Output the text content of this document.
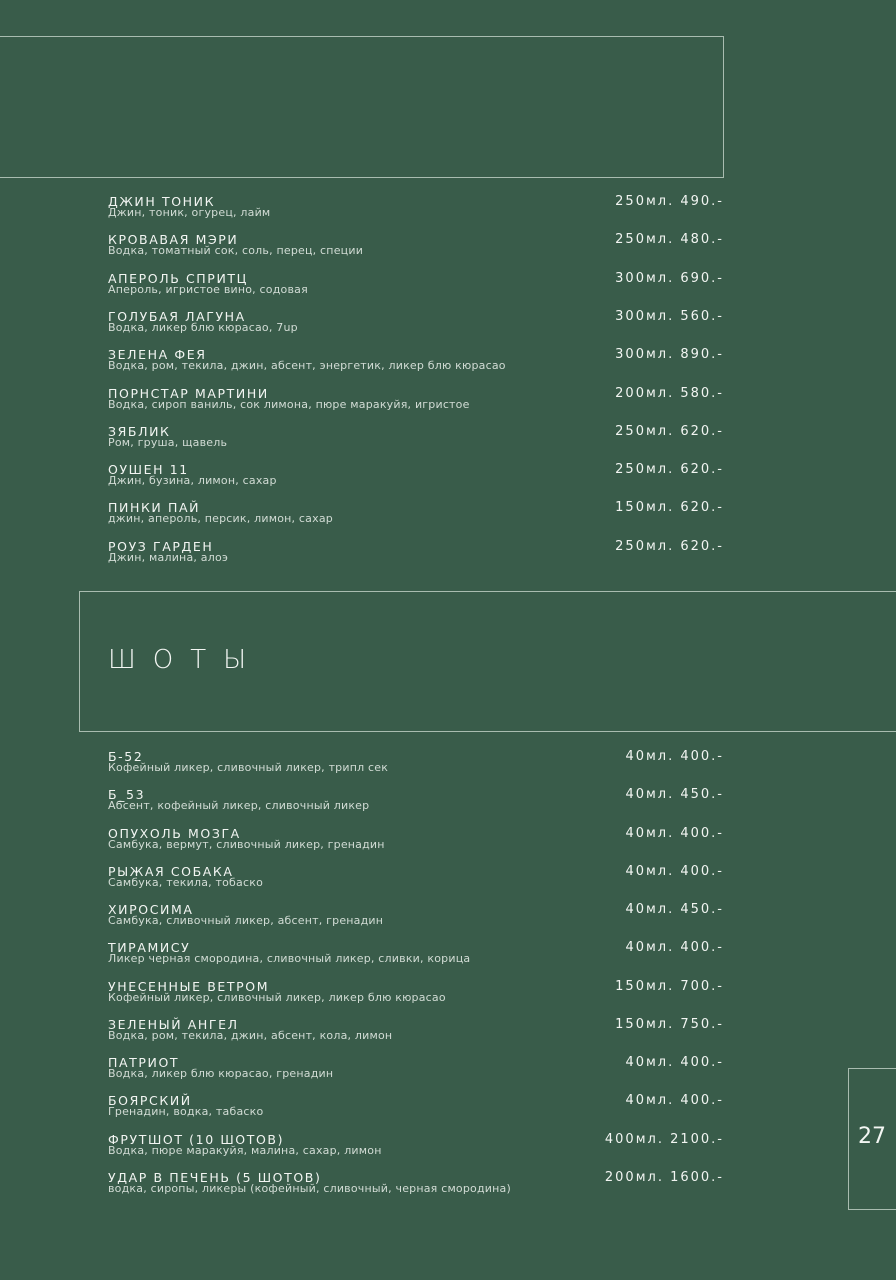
ДЖИН ТОНИК
Джин, тоник, огурец, лайм
250мл. 490.-
КРОВАВАЯ МЭРИ
Водка, томатный сок, соль, перец, специи
250мл. 480.-
АПЕРОЛЬ СПРИТЦ
Апероль, игристое вино, содовая
300мл. 690.-
ГОЛУБАЯ ЛАГУНА
Водка, ликер блю кюрасао, 7up
300мл. 560.-
ЗЕЛЕНА ФЕЯ
Водка, ром, текила, джин, абсент, энергетик, ликер блю кюрасао
300мл. 890.-
ПОРНСТАР МАРТИНИ
Водка, сироп ваниль, сок лимона, пюре маракуйя, игристое
200мл. 580.-
ЗЯБЛИК
Ром, груша, щавель
250мл. 620.-
ОУШЕН 11
Джин, бузина, лимон, сахар
250мл. 620.-
ПИНКИ ПАЙ
джин, апероль, персик, лимон, сахар
150мл. 620.-
РОУЗ ГАРДЕН
Джин, малина, алоэ
250мл. 620.-
ШОТЫ
Б-52
Кофейный ликер, сливочный ликер, трипл сек
40мл. 400.-
Б_53
Абсент, кофейный ликер, сливочный ликер
40мл. 450.-
ОПУХОЛЬ МОЗГА
Самбука, вермут, сливочный ликер, гренадин
40мл. 400.-
РЫЖАЯ СОБАКА
Самбука, текила, тобаско
40мл. 400.-
ХИРОСИМА
Самбука, сливочный ликер, абсент, гренадин
40мл. 450.-
ТИРАМИСУ
Ликер черная смородина, сливочный ликер, сливки, корица
40мл. 400.-
УНЕСЕННЫЕ ВЕТРОМ
Кофейный ликер, сливочный ликер, ликер блю кюрасао
150мл. 700.-
ЗЕЛЕНЫЙ АНГЕЛ
Водка, ром, текила, джин, абсент, кола, лимон
150мл. 750.-
ПАТРИОТ
Водка, ликер блю кюрасао, гренадин
40мл. 400.-
БОЯРСКИЙ
Гренадин, водка, табаско
40мл. 400.-
ФРУТШОТ (10 ШОТОВ)
Водка, пюре маракуйя, малина, сахар, лимон
400мл. 2100.-
УДАР В ПЕЧЕНЬ (5 ШОТОВ)
водка, сиропы, ликеры (кофейный, сливочный, черная смородина)
200мл. 1600.-
27
